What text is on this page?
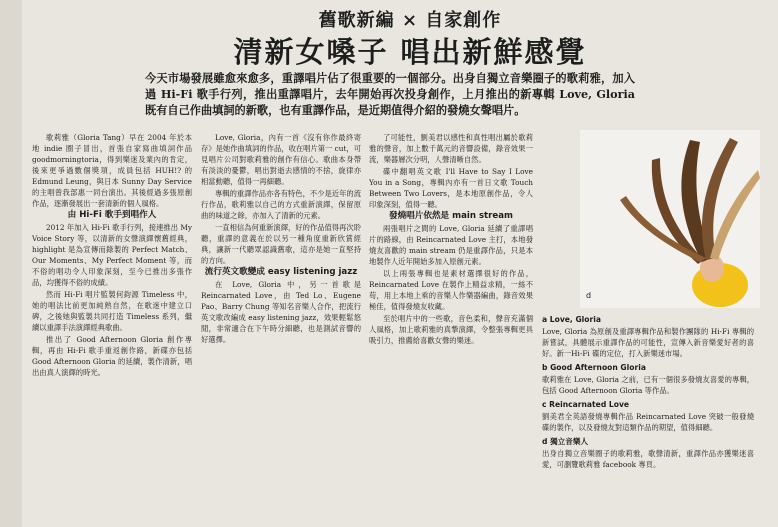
舊歌新編 × 自家創作
清新女嗓子 唱出新鮮感覺
今天市場發展雖愈來愈多，重譯唱片佔了很重要的一個部分。出身自獨立音樂圈子的歌莉雅，加入過 Hi-Fi 歌手行列，推出重譯唱片，去年開始再次投身創作，上月推出的新專輯 Love, Gloria 既有自己作曲填詞的新歌，也有重譯作品，是近期值得介紹的發燒女聲唱片。

歌莉雅（Gloria Tang）早在 2004 年於本地 indie 圈子冒出，首張自家寫曲填詞作品 goodmorningtoria，得到樂迷及業內的肯定，後來更爭過數個獎項，成員包括 HUH!? 的 Edmund Leung，與日本 Sunny Day Service 的主唱曾我部惠一同台演出。其後經過多張原創作品，逐漸發展出一套清新的個人風格。

由 Hi-Fi 歌手到唱作人

2012 年加入 Hi-Fi 歌手行列，接連推出 My Voice Story 等，以清新的女聲演繹懷舊經典，highlight 是為宣傳而錄製的 Perfect Match、Our Moments、My Perfect Moment 等，而不俗的唱功令人印象深刻，至今已推出多張作品，均獲得不俗的成績。

然而 Hi-Fi 唱片監製何鈞源 Timeless 中，她的唱法比前更加純熟自然，在歌迷中建立口碑，之後她與監製共同打造 Timeless 系列，繼續以重譯手法演繹經典歌曲。

推出了 Good Afternoon Gloria 創作專輯，再由 Hi-Fi 歌手重返創作路，新碟亦包括 Good Afternoon Gloria 的延續，製作清新，唱出由真人演繹的時光。

Love, Gloria，內有一首《沒有你作最終寄存》是她作曲填詞的作品，收在唱片第一 cut，可見唱片公司對歌莉雅的創作有信心。歌曲本身帶有淡淡的憂鬱，唱出對逝去感情的不捨，旋律亦相當動聽，值得一再細聽。

專輯的重譯作品亦各有特色，不少是近年的流行作品，歌莉雅以自己的方式重新演繹，保留原曲的味道之餘，亦加入了清新的元素。

一直相信為何重新演繹，好的作品值得再次聆聽，重譯的意義在於以另一種角度重新欣賞經典，讓新一代聽眾認識舊歌，這亦是她一直堅持的方向。

流行英文歌變成 easy listening jazz

在 Love, Gloria 中，另一首歌是 Reincarnated Love，由 Ted Lo、Eugene Pao、Barry Chung 等知名音樂人合作，把流行英文歌改編成 easy listening jazz，效果輕鬆悠閒，非常適合在下午時分細聽，也是測試音響的好選擇。

了可能性，劉美君以感性和真性唱出屬於歌莉雅的聲音，加上數千萬元的音響設備，錄音效果一流，樂器層次分明，人聲清晰自然。

碟中翻唱英文歌 I'll Have to Say I Love You in a Song，專輯內亦有一首日文歌 Touch Between Two Lovers，是本地原創作品，令人印象深刻，值得一聽。

發燒唱片依然是 main stream

兩張唱片之間的 Love, Gloria 延續了重譯唱片的路線，由 Reincarnated Love 主打，本地發燒友喜歡的 main stream 仍是重譯作品，只是本地製作人近年開始多加入原創元素。

以上兩張專輯也是素材選擇很好的作品，Reincarnated Love 在製作上精益求精，一絲不苟，用上本地上乘的音樂人作樂器編曲，錄音效果極佳，值得發燒友收藏。

至於唱片中的一些歌，音色柔和，聲音充滿個人風格，加上歌莉雅的真摯演繹，令整張專輯更具吸引力，推薦給喜歡女聲的樂迷。

d
a Love, Gloria
Love, Gloria 為原創及重譯專輯作品和製作團隊的 Hi-Fi 專輯的新嘗試，具體展示重譯作品的可能性，宣傳入新音樂愛好者的喜好。新一Hi-Fi 碟的定位，打入新樂迷市場。
b Good Afternoon Gloria
歌莉雅在 Love, Gloria 之前，已有一個很多發燒友喜愛的專輯，包括 Good Afternoon Gloria 等作品。
c Reincarnated Love
劉美君全英語發燒專輯作品 Reincarnated Love 突破一般發燒碟的製作，以及發燒友對這類作品的期望，值得細聽。
d 獨立音樂人
出身自獨立音樂圈子的歌莉雅，歌聲清新，重譯作品亦獲樂迷喜愛，可瀏覽歌莉雅 facebook 專頁。
